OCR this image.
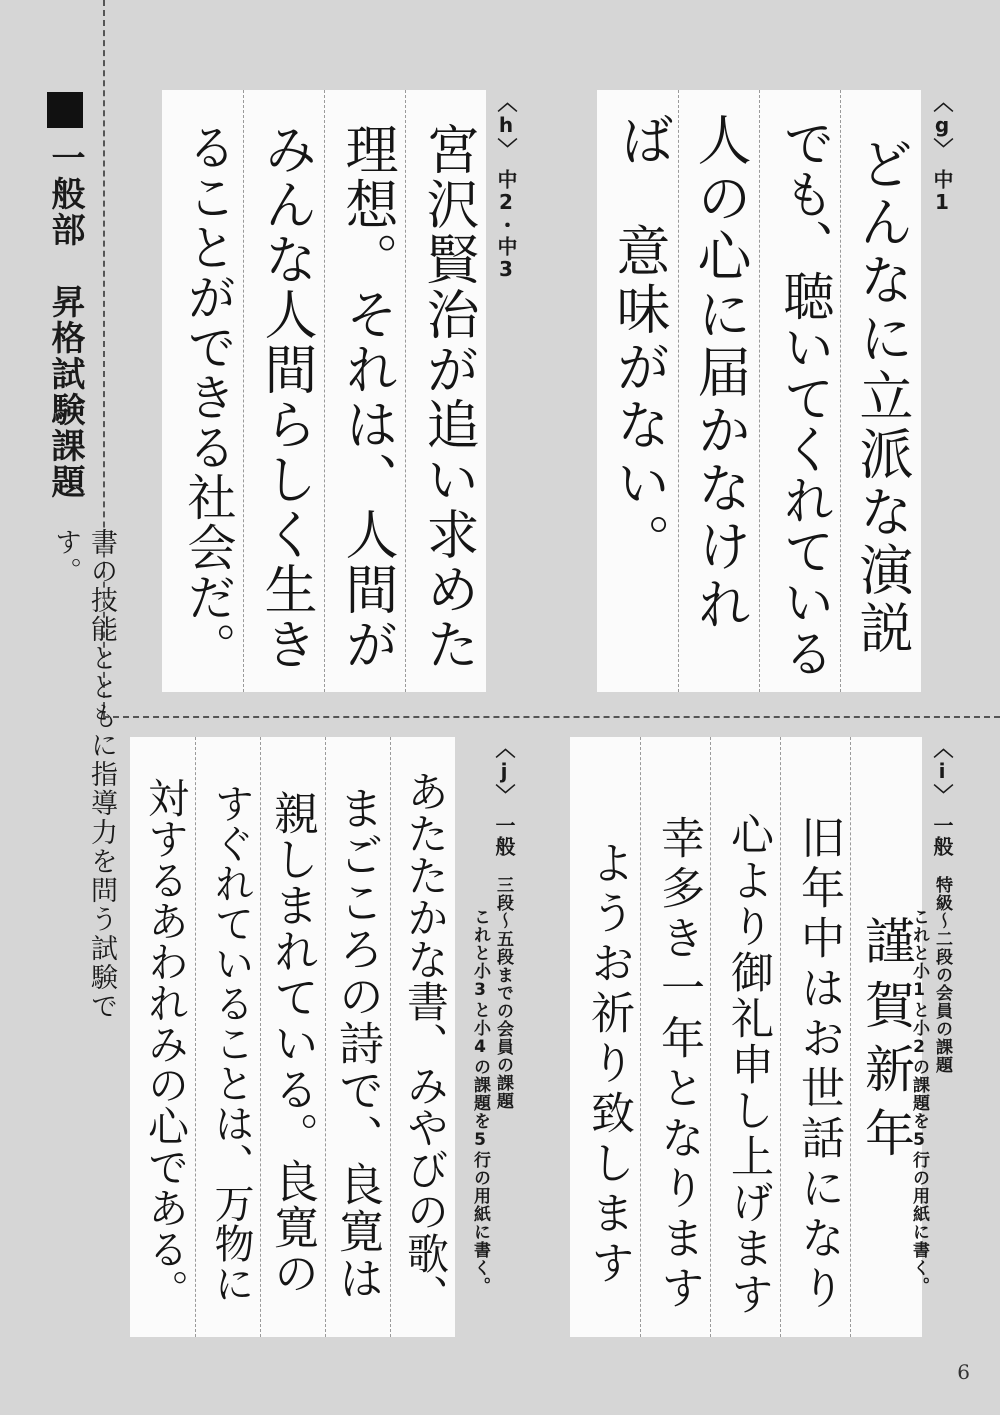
一般部　昇格試験課題
書の技能とともに指導力を問う試験です。	どんなに立派な演説
でも、聴いてくれている
人の心に届かなければ
意味がない。
〈g〉中1
宮沢賢治が追い求めた
理想。それは、人間が
みんな人間らしく生き
ることができる社会だ。	〈h〉中2・中3
謹賀新年
旧年中はお世話になり
心より御礼申し上げます
幸多き一年となります
ようお祈り致します
〈i〉一般
特級～二段の会員の課題
これと小1と小2の課題を5行の用紙に書く。
あたたかな書、みやびの歌、
まごころの詩で、良寛は
親しまれている。良寛の
すぐれていることは、万物に
対するあわれみの心である。
〈j〉一般
三段～五段までの会員の課題
これと小3と小4の課題を5行の用紙に書く。
6
